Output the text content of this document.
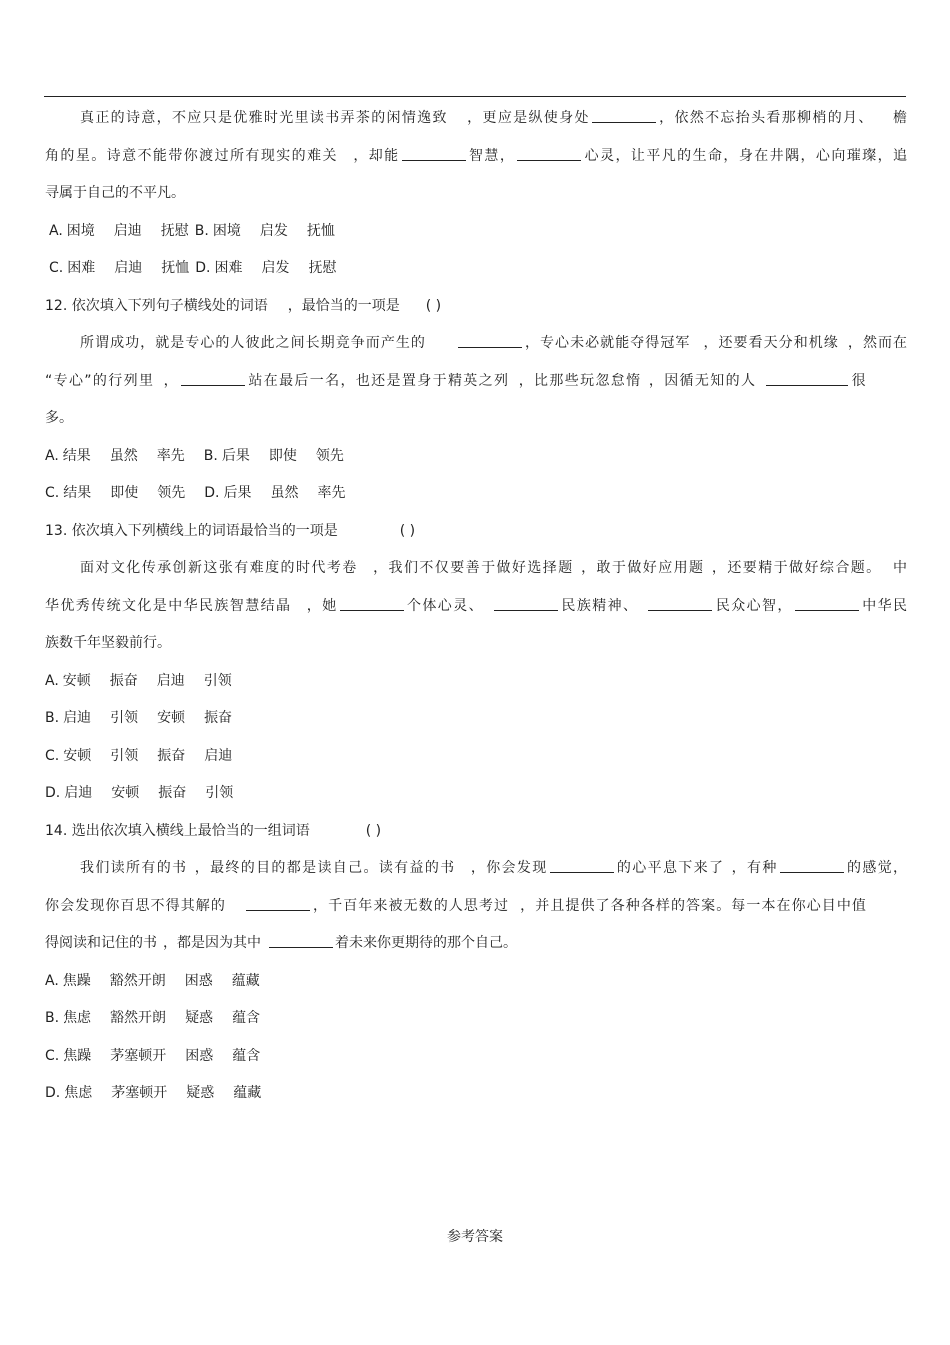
真正的诗意，不应只是优雅时光里读书弄茶的闲情逸致 ，更应是纵使身处	，依然不忘抬头看那柳梢的月、 檐
角的星。诗意不能带你渡过所有现实的难关 ，却能	智慧，	心灵，让平凡的生命，身在井隅，心向璀璨，追
寻属于自己的不平凡。
A. 困境 启迪 抚慰 B. 困境 启发 抚恤
C. 困难 启迪 抚恤 D. 困难 启发 抚慰
12. 依次填入下列句子横线处的词语 ，最恰当的一项是 ( )
所谓成功，就是专心的人彼此之间长期竞争而产生的	，专心未必就能夺得冠军 ，还要看天分和机缘 ，然而在
“专心”的行列里 ，	站在最后一名，也还是置身于精英之列 ，比那些玩忽怠惰 ，因循无知的人	很
多。
A. 结果 虽然 率先 B. 后果 即使 领先
C. 结果 即使 领先 D. 后果 虽然 率先
13. 依次填入下列横线上的词语最恰当的一项是	( )
面对文化传承创新这张有难度的时代考卷 ，我们不仅要善于做好选择题 ，敢于做好应用题 ，还要精于做好综合题。 中
华优秀传统文化是中华民族智慧结晶 ，她	个体心灵、	民族精神、	民众心智，	中华民
族数千年坚毅前行。
A. 安顿 振奋 启迪 引领
B. 启迪 引领 安顿 振奋
C. 安顿 引领 振奋 启迪
D. 启迪 安顿 振奋 引领
14. 选出依次填入横线上最恰当的一组词语	( )
我们读所有的书 ，最终的目的都是读自己。读有益的书 ，你会发现	的心平息下来了 ，有种	的感觉，
你会发现你百思不得其解的	，千百年来被无数的人思考过 ，并且提供了各种各样的答案。每一本在你心目中值
得阅读和记住的书 ，都是因为其中	着未来你更期待的那个自己。
A. 焦躁 豁然开朗 困惑 蕴藏
B. 焦虑 豁然开朗 疑惑 蕴含
C. 焦躁 茅塞顿开 困惑 蕴含
D. 焦虑 茅塞顿开 疑惑 蕴藏
参考答案
